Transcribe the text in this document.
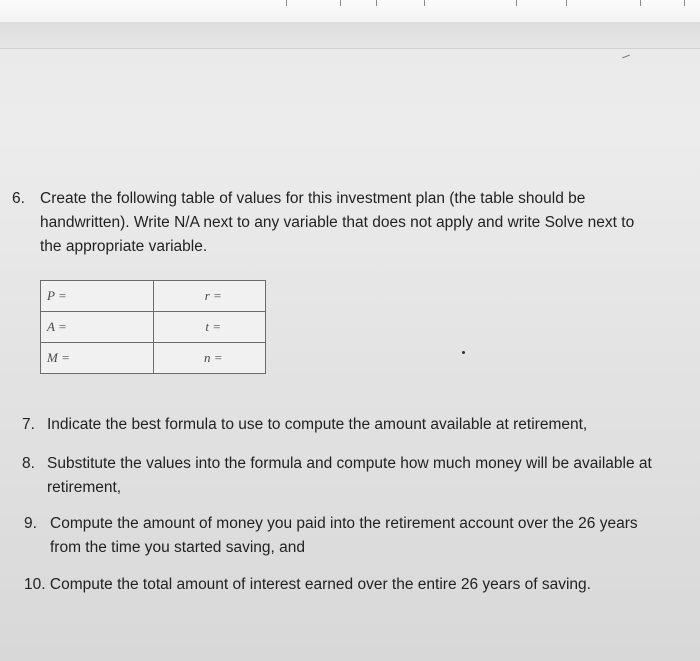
6. Create the following table of values for this investment plan (the table should be
handwritten). Write N/A next to any variable that does not apply and write Solve next to
the appropriate variable.
P =	r =
A =	t =
M =	n =
7. Indicate the best formula to use to compute the amount available at retirement,
8. Substitute the values into the formula and compute how much money will be available at
retirement,
9. Compute the amount of money you paid into the retirement account over the 26 years
from the time you started saving, and
10. Compute the total amount of interest earned over the entire 26 years of saving.
